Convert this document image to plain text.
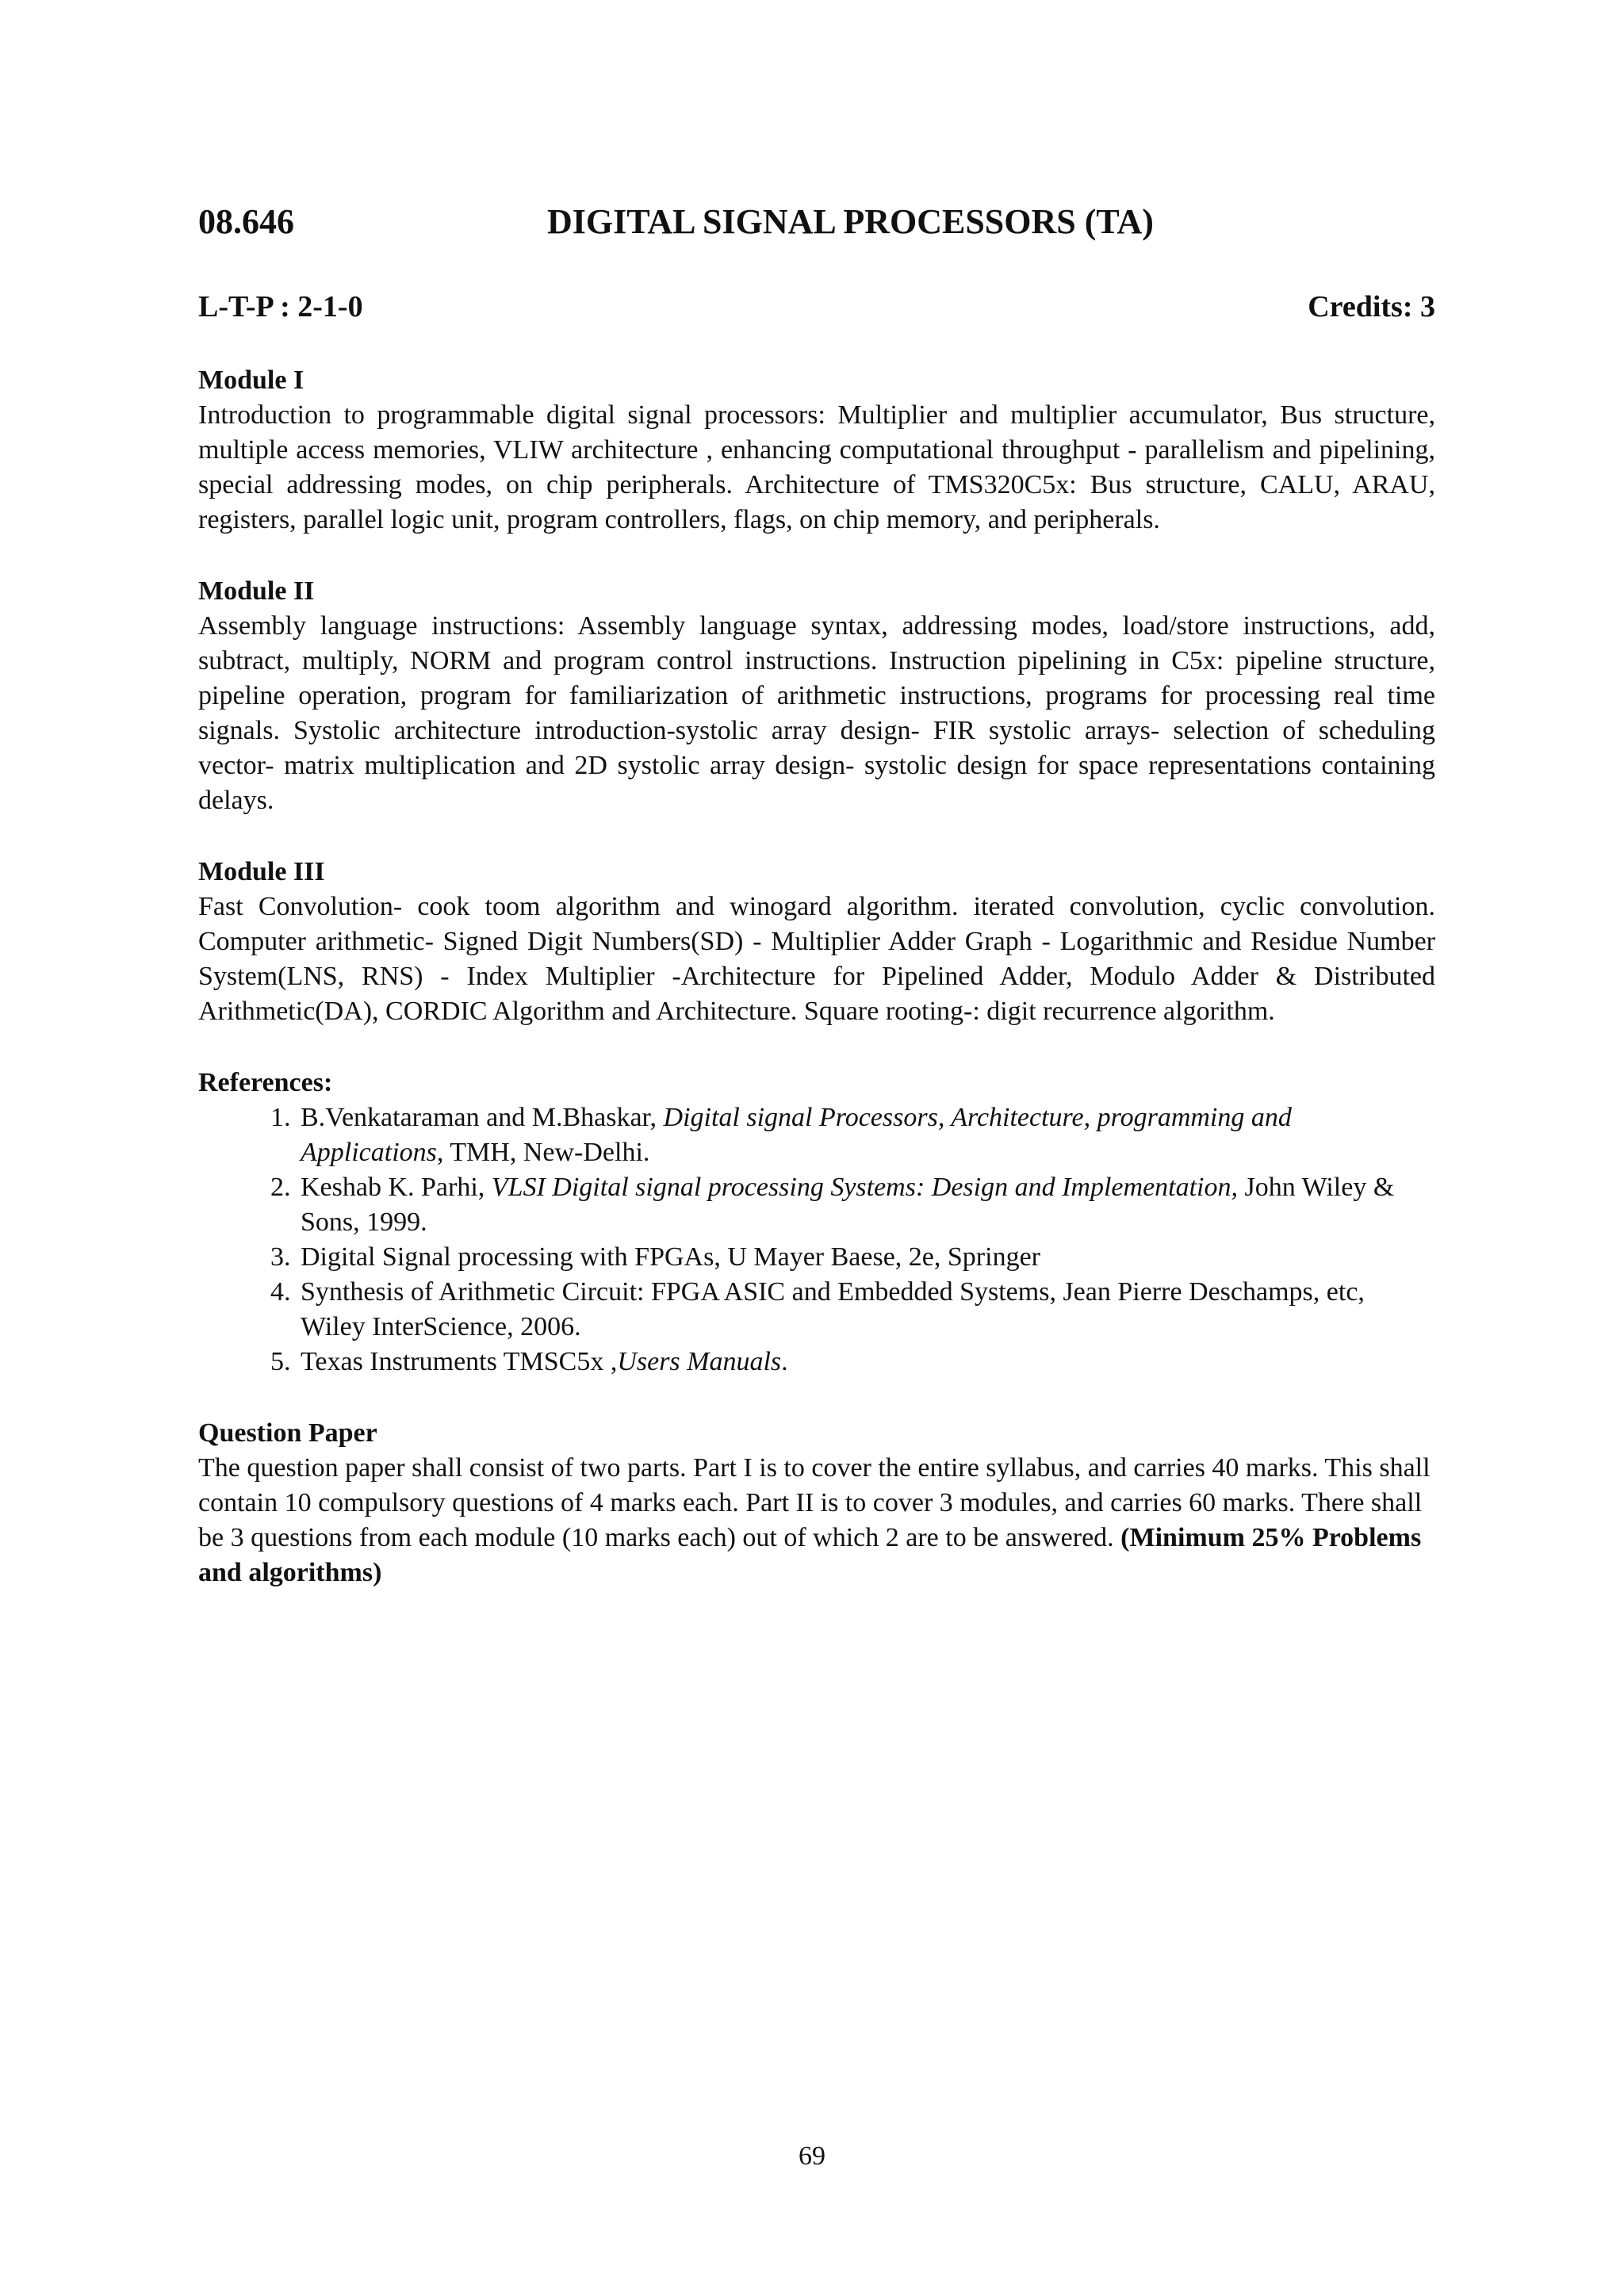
08.646	DIGITAL SIGNAL PROCESSORS (TA)
L-T-P : 2-1-0	Credits: 3
Module I
Introduction to programmable digital signal processors: Multiplier and multiplier accumulator, Bus structure, multiple access memories, VLIW architecture , enhancing computational throughput - parallelism and pipelining, special addressing modes, on chip peripherals. Architecture of TMS320C5x: Bus structure, CALU, ARAU, registers, parallel logic unit, program controllers, flags, on chip memory, and peripherals.
Module II
Assembly language instructions: Assembly language syntax, addressing modes, load/store instructions, add, subtract, multiply, NORM and program control instructions. Instruction pipelining in C5x: pipeline structure, pipeline operation, program for familiarization of arithmetic instructions, programs for processing real time signals. Systolic architecture introduction-systolic array design- FIR systolic arrays- selection of scheduling vector- matrix multiplication and 2D systolic array design- systolic design for space representations containing delays.
Module III
Fast Convolution- cook toom algorithm and winogard algorithm. iterated convolution, cyclic convolution. Computer arithmetic- Signed Digit Numbers(SD) - Multiplier Adder Graph - Logarithmic and Residue Number System(LNS, RNS) - Index Multiplier -Architecture for Pipelined Adder, Modulo Adder & Distributed Arithmetic(DA), CORDIC Algorithm and Architecture. Square rooting-: digit recurrence algorithm.
References:
1. B.Venkataraman and M.Bhaskar, Digital signal Processors, Architecture, programming and Applications, TMH, New-Delhi.
2. Keshab K. Parhi, VLSI Digital signal processing Systems: Design and Implementation, John Wiley & Sons, 1999.
3. Digital Signal processing with FPGAs, U Mayer Baese, 2e, Springer
4. Synthesis of Arithmetic Circuit: FPGA ASIC and Embedded Systems, Jean Pierre Deschamps, etc, Wiley InterScience, 2006.
5. Texas Instruments TMSC5x ,Users Manuals.
Question Paper
The question paper shall consist of two parts. Part I is to cover the entire syllabus, and carries 40 marks. This shall contain 10 compulsory questions of 4 marks each. Part II is to cover 3 modules, and carries 60 marks. There shall be 3 questions from each module (10 marks each) out of which 2 are to be answered. (Minimum 25% Problems and algorithms)
69
